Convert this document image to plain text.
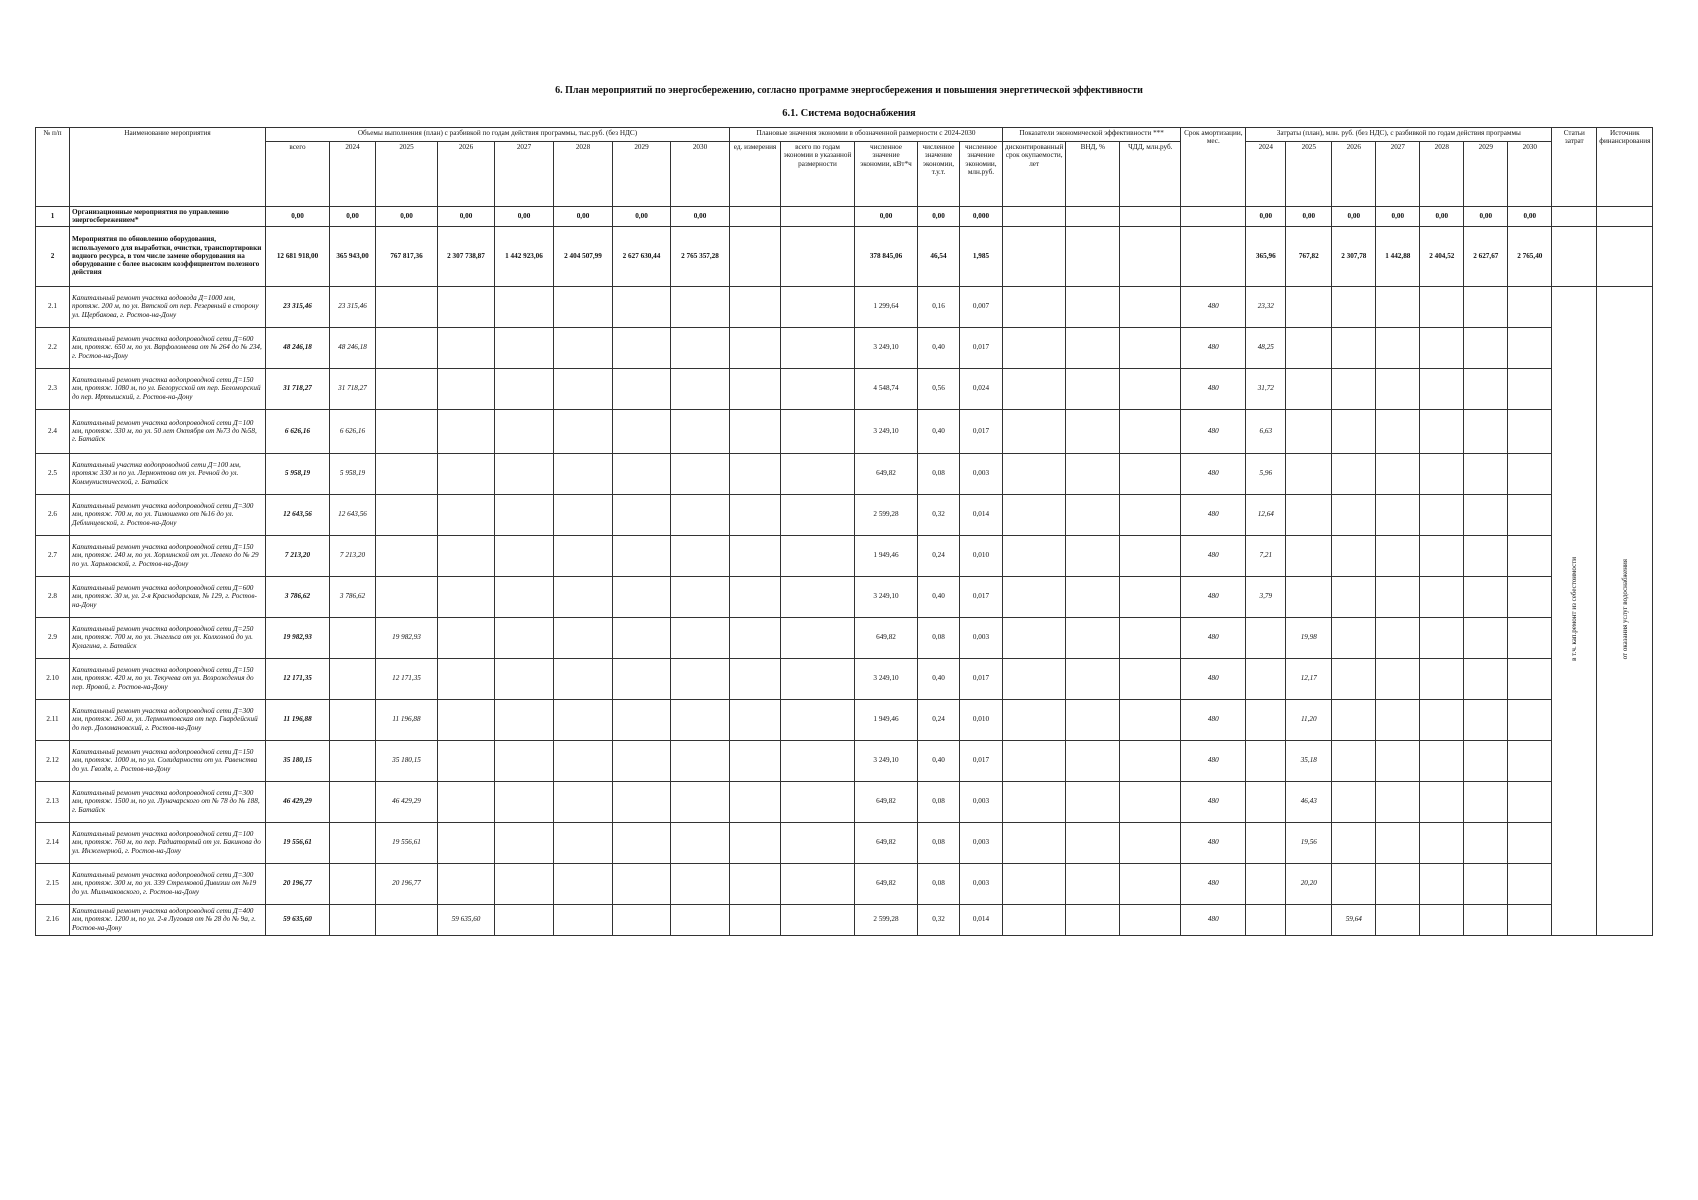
6. План мероприятий по энергосбережению, согласно программе энергосбережения и повышения энергетической эффективности
6.1. Система водоснабжения
№ п/п	Наименование мероприятия	Объемы выполнения (план) с разбивкой по годам действия программы, тыс.руб. (без НДС)								Плановые значения экономии в обозначенной размерности с 2024-2030					Показатели экономической эффективности ***			Срок амортизации, мес.	Затраты (план), млн. руб. (без НДС), с разбивкой по годам действия программы							Статьи затрат	Источник финансирования
		всего	2024	2025	2026	2027	2028	2029	2030	ед. измерения	всего по годам экономии в указанной размерности	численное значение экономии, кВт*ч	численное значение экономии, т.у.т.	численное значение экономии, млн.руб.	дисконтированный срок окупаемости, лет	ВНД, %	ЧДД, млн.руб.		2024	2025	2026	2027	2028	2029	2030		
1	Организационные мероприятия по управлению энергосбережением*	0,00	0,00	0,00	0,00	0,00	0,00	0,00	0,00			0,00	0,00	0,000					0,00	0,00	0,00	0,00	0,00	0,00	0,00		
2	Мероприятия по обновлению оборудования, используемого для выработки, очистки, транспортировки водного ресурса, в том числе замене оборудования на оборудование с более высоким коэффициентом полезного действия	12 681 918,00	365 943,00	767 817,36	2 307 738,87	1 442 923,06	2 404 507,99	2 627 630,44	2 765 357,28			378 845,06	46,54	1,985					365,96	767,82	2 307,78	1 442,88	2 404,52	2 627,67	2 765,40		
2.1	Капитальный ремонт участка водовода Д=1000 мм, протяж. 200 м, по ул. Вятской от пер. Резервный в сторону ул. Щербакова, г. Ростов-на-Дону	23 315,46	23 315,46									1 299,64	0,16	0,007				480	23,32							в т.ч. кап.ремонт из себестоимости	от оказания услуг водоснабжения
2.2	Капитальный ремонт участка водопроводной сети Д=600 мм, протяж. 650 м, по ул. Варфоломеева от № 264 до № 234, г. Ростов-на-Дону	48 246,18	48 246,18									3 249,10	0,40	0,017				480	48,25								
2.3	Капитальный ремонт участка водопроводной сети Д=150 мм, протяж. 1080 м, по ул. Белорусской от пер. Беломорский до пер. Иртышский, г. Ростов-на-Дону	31 718,27	31 718,27									4 548,74	0,56	0,024				480	31,72								
2.4	Капитальный ремонт участка водопроводной сети Д=100 мм, протяж. 330 м, по ул. 50 лет Октября от №73 до №58, г. Батайск	6 626,16	6 626,16									3 249,10	0,40	0,017				480	6,63								
2.5	Капитальный участка водопроводной сети Д=100 мм, протяж 330 м по ул. Лермонтова от ул. Речной до ул. Коммунистической, г. Батайск	5 958,19	5 958,19									649,82	0,08	0,003				480	5,96								
2.6	Капитальный ремонт участка водопроводной сети Д=300 мм, протяж. 700 м, по ул. Тимошенко от №16 до ул. Деблинцевской, г. Ростов-на-Дону	12 643,56	12 643,56									2 599,28	0,32	0,014				480	12,64								
2.7	Капитальный ремонт участка водопроводной сети Д=150 мм, протяж. 240 м, по ул. Хорлинской от ул. Левеко до № 29 по ул. Харьковской, г. Ростов-на-Дону	7 213,20	7 213,20									1 949,46	0,24	0,010				480	7,21								
2.8	Капитальный ремонт участка водопроводной сети Д=600 мм, протяж. 30 м, ул. 2-я Краснодарская, № 129, г. Ростов-на-Дону	3 786,62	3 786,62									3 249,10	0,40	0,017				480	3,79								
2.9	Капитальный ремонт участка водопроводной сети Д=250 мм, протяж. 700 м, по ул. Энгельса от ул. Колхозной до ул. Кулагина, г. Батайск	19 982,93		19 982,93								649,82	0,08	0,003				480		19,98							
2.10	Капитальный ремонт участка водопроводной сети Д=150 мм, протяж. 420 м, по ул. Текучева от ул. Возрождения до пер. Яровой, г. Ростов-на-Дону	12 171,35		12 171,35								3 249,10	0,40	0,017				480		12,17							
2.11	Капитальный ремонт участка водопроводной сети Д=300 мм, протяж. 260 м, ул. Лермонтовская от пер. Гвардейский до пер. Доломановский, г. Ростов-на-Дону	11 196,88		11 196,88								1 949,46	0,24	0,010				480		11,20							
2.12	Капитальный ремонт участка водопроводной сети Д=150 мм, протяж. 1000 м, по ул. Солидарности от ул. Равенства до ул. Гвоздя, г. Ростов-на-Дону	35 180,15		35 180,15								3 249,10	0,40	0,017				480		35,18							
2.13	Капитальный ремонт участка водопроводной сети Д=300 мм, протяж. 1500 м, по ул. Луначарского от № 78 до № 188, г. Батайск	46 429,29		46 429,29								649,82	0,08	0,003				480		46,43							
2.14	Капитальный ремонт участка водопроводной сети Д=100 мм, протяж. 760 м, по пер. Радиаторный от ул. Бакинова до ул. Инженерной, г. Ростов-на-Дону	19 556,61		19 556,61								649,82	0,08	0,003				480		19,56							
2.15	Капитальный ремонт участка водопроводной сети Д=300 мм, протяж. 300 м, по ул. 339 Стрелковой Дивизии от №19 до ул. Мильчаковского, г. Ростов-на-Дону	20 196,77		20 196,77								649,82	0,08	0,003				480		20,20							
2.16	Капитальный ремонт участка водопроводной сети Д=400 мм, протяж. 1200 м, по ул. 2-я Луговая от № 28 до № 9а, г. Ростов-на-Дону	59 635,60			59 635,60							2 599,28	0,32	0,014				480			59,64						
